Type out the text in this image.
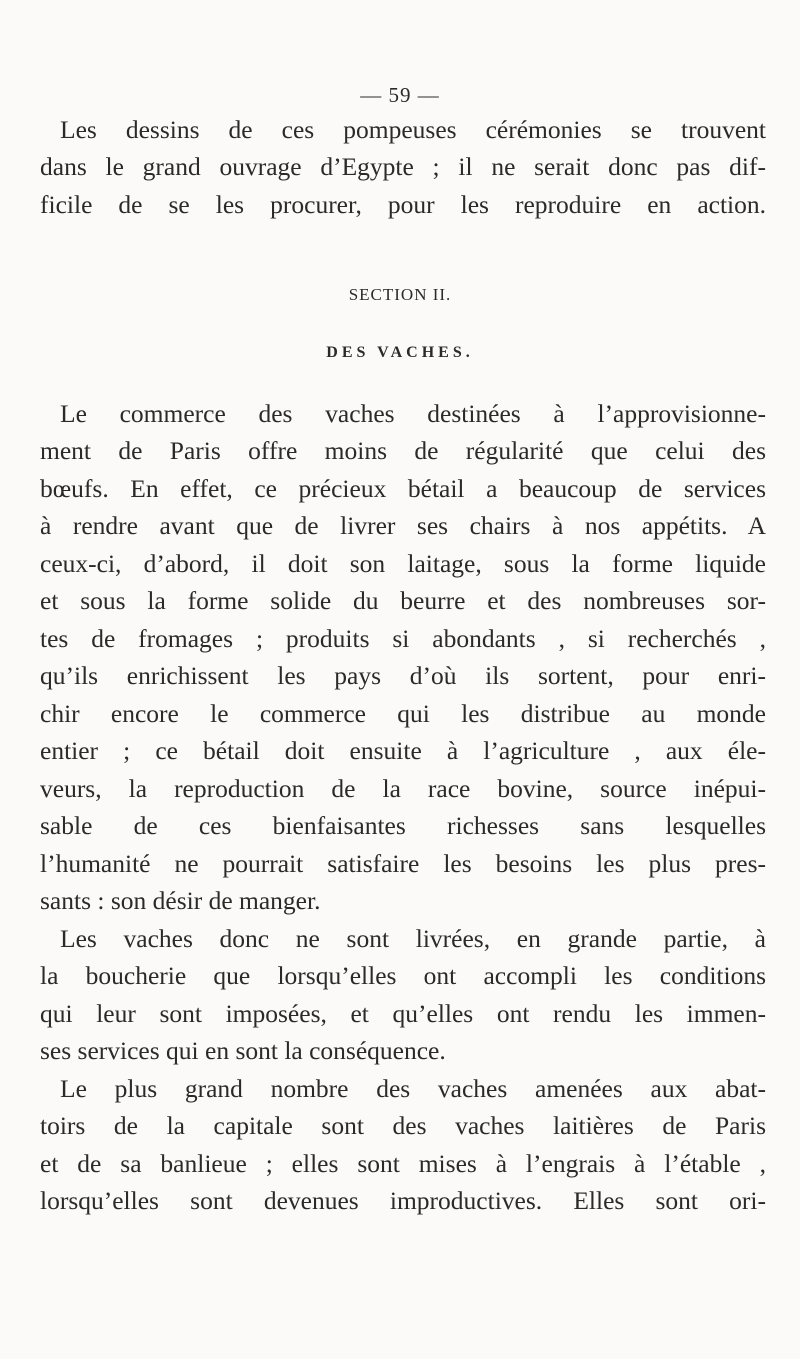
— 59 —
Les dessins de ces pompeuses cérémonies se trouvent
dans le grand ouvrage d’Egypte ; il ne serait donc pas dif-
ficile de se les procurer, pour les reproduire en action.
SECTION II.
DES VACHES.
Le commerce des vaches destinées à l’approvisionne-
ment de Paris offre moins de régularité que celui des
bœufs. En effet, ce précieux bétail a beaucoup de services
à rendre avant que de livrer ses chairs à nos appétits. A
ceux-ci, d’abord, il doit son laitage, sous la forme liquide
et sous la forme solide du beurre et des nombreuses sor-
tes de fromages ; produits si abondants , si recherchés ,
qu’ils enrichissent les pays d’où ils sortent, pour enri-
chir encore le commerce qui les distribue au monde
entier ; ce bétail doit ensuite à l’agriculture , aux éle-
veurs, la reproduction de la race bovine, source inépui-
sable de ces bienfaisantes richesses sans lesquelles
l’humanité ne pourrait satisfaire les besoins les plus pres-
sants : son désir de manger.
Les vaches donc ne sont livrées, en grande partie, à
la boucherie que lorsqu’elles ont accompli les conditions
qui leur sont imposées, et qu’elles ont rendu les immen-
ses services qui en sont la conséquence.
Le plus grand nombre des vaches amenées aux abat-
toirs de la capitale sont des vaches laitières de Paris
et de sa banlieue ; elles sont mises à l’engrais à l’étable ,
lorsqu’elles sont devenues improductives. Elles sont ori-
